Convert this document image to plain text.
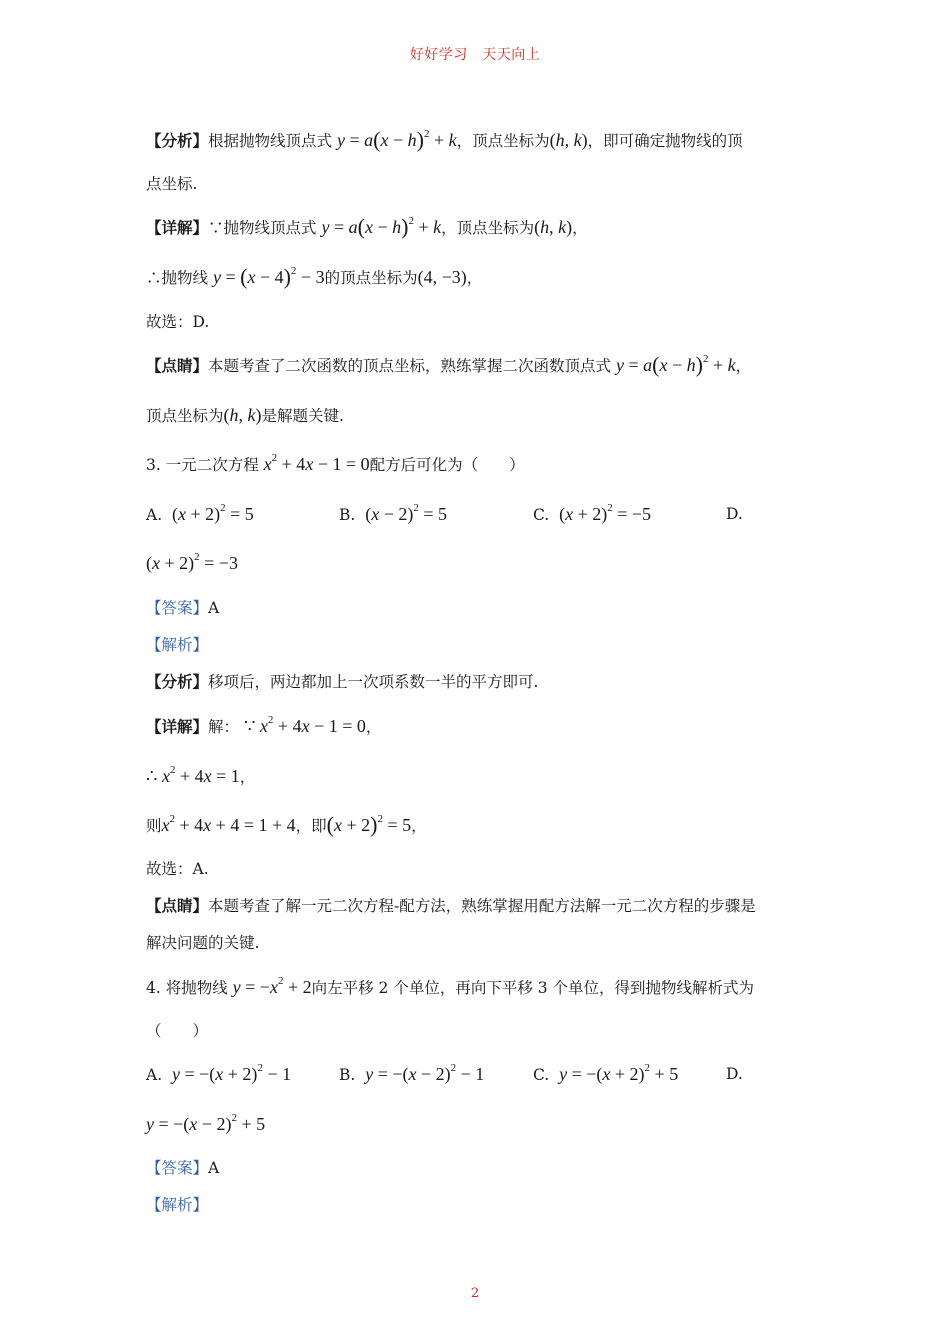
好好学习　天天向上
【分析】根据抛物线顶点式 $y = a(x - h)^2 + k$，顶点坐标为(h, k)，即可确定抛物线的顶
点坐标.
【详解】∵抛物线顶点式 $y = a(x - h)^2 + k$，顶点坐标为(h, k)，
∴抛物线 $y = (x - 4)^2 - 3$的顶点坐标为(4, −3)，
故选：D.
【点睛】本题考查了二次函数的顶点坐标，熟练掌握二次函数顶点式 $y = a(x - h)^2 + k$，
顶点坐标为(h, k)是解题关键.
3. 一元二次方程 $x^2 + 4x - 1 = 0$配方后可化为（　　）
A. $(x + 2)^2 = 5$	B. $(x - 2)^2 = 5$	C. $(x + 2)^2 = -5$	D.
$(x + 2)^2 = -3$
【答案】A
【解析】
【分析】移项后，两边都加上一次项系数一半的平方即可.
【详解】解： ∵ $x^2 + 4x - 1 = 0$，
∴ $x^2 + 4x = 1$，
则$x^2 + 4x + 4 = 1 + 4$，即$(x + 2)^2 = 5$，
故选：A.
【点睛】本题考查了解一元二次方程-配方法，熟练掌握用配方法解一元二次方程的步骤是
解决问题的关键.
4. 将抛物线 $y = -x^2 + 2$向左平移 2 个单位，再向下平移 3 个单位，得到抛物线解析式为
（　　）
A. $y = -(x + 2)^2 - 1$	B. $y = -(x - 2)^2 - 1$	C. $y = -(x + 2)^2 + 5$	D.
$y = -(x - 2)^2 + 5$
【答案】A
【解析】
2
